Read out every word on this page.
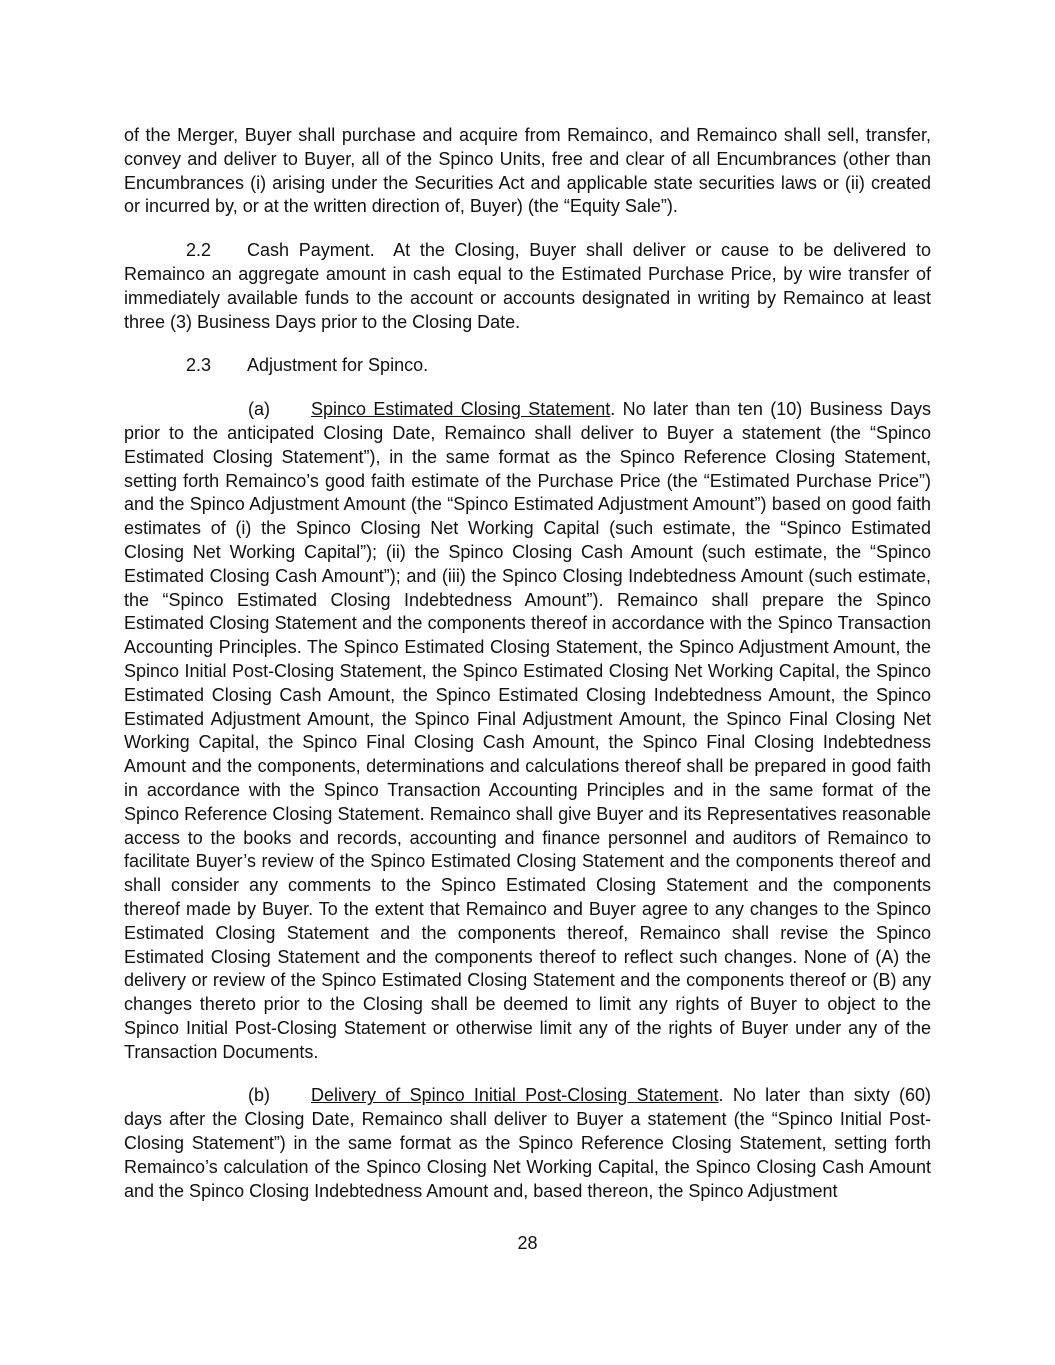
of the Merger, Buyer shall purchase and acquire from Remainco, and Remainco shall sell, transfer, convey and deliver to Buyer, all of the Spinco Units, free and clear of all Encumbrances (other than Encumbrances (i) arising under the Securities Act and applicable state securities laws or (ii) created or incurred by, or at the written direction of, Buyer) (the “Equity Sale”).

2.2 Cash Payment. At the Closing, Buyer shall deliver or cause to be delivered to Remainco an aggregate amount in cash equal to the Estimated Purchase Price, by wire transfer of immediately available funds to the account or accounts designated in writing by Remainco at least three (3) Business Days prior to the Closing Date.

2.3 Adjustment for Spinco.

(a) Spinco Estimated Closing Statement. No later than ten (10) Business Days prior to the anticipated Closing Date, Remainco shall deliver to Buyer a statement (the “Spinco Estimated Closing Statement”), in the same format as the Spinco Reference Closing Statement, setting forth Remainco’s good faith estimate of the Purchase Price (the “Estimated Purchase Price”) and the Spinco Adjustment Amount (the “Spinco Estimated Adjustment Amount”) based on good faith estimates of (i) the Spinco Closing Net Working Capital (such estimate, the “Spinco Estimated Closing Net Working Capital”); (ii) the Spinco Closing Cash Amount (such estimate, the “Spinco Estimated Closing Cash Amount”); and (iii) the Spinco Closing Indebtedness Amount (such estimate, the “Spinco Estimated Closing Indebtedness Amount”). Remainco shall prepare the Spinco Estimated Closing Statement and the components thereof in accordance with the Spinco Transaction Accounting Principles. The Spinco Estimated Closing Statement, the Spinco Adjustment Amount, the Spinco Initial Post-Closing Statement, the Spinco Estimated Closing Net Working Capital, the Spinco Estimated Closing Cash Amount, the Spinco Estimated Closing Indebtedness Amount, the Spinco Estimated Adjustment Amount, the Spinco Final Adjustment Amount, the Spinco Final Closing Net Working Capital, the Spinco Final Closing Cash Amount, the Spinco Final Closing Indebtedness Amount and the components, determinations and calculations thereof shall be prepared in good faith in accordance with the Spinco Transaction Accounting Principles and in the same format of the Spinco Reference Closing Statement. Remainco shall give Buyer and its Representatives reasonable access to the books and records, accounting and finance personnel and auditors of Remainco to facilitate Buyer’s review of the Spinco Estimated Closing Statement and the components thereof and shall consider any comments to the Spinco Estimated Closing Statement and the components thereof made by Buyer. To the extent that Remainco and Buyer agree to any changes to the Spinco Estimated Closing Statement and the components thereof, Remainco shall revise the Spinco Estimated Closing Statement and the components thereof to reflect such changes. None of (A) the delivery or review of the Spinco Estimated Closing Statement and the components thereof or (B) any changes thereto prior to the Closing shall be deemed to limit any rights of Buyer to object to the Spinco Initial Post-Closing Statement or otherwise limit any of the rights of Buyer under any of the Transaction Documents.

(b) Delivery of Spinco Initial Post-Closing Statement. No later than sixty (60) days after the Closing Date, Remainco shall deliver to Buyer a statement (the “Spinco Initial Post-Closing Statement”) in the same format as the Spinco Reference Closing Statement, setting forth Remainco’s calculation of the Spinco Closing Net Working Capital, the Spinco Closing Cash Amount and the Spinco Closing Indebtedness Amount and, based thereon, the Spinco Adjustment

28
